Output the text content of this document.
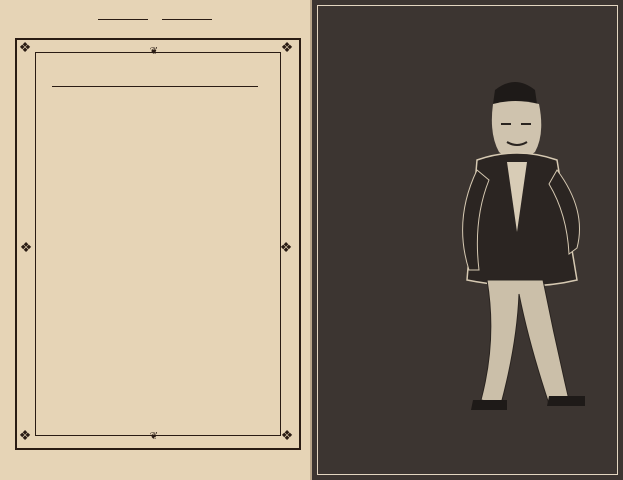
❖	❖
❖	❖
❦
❦
❖	❖
